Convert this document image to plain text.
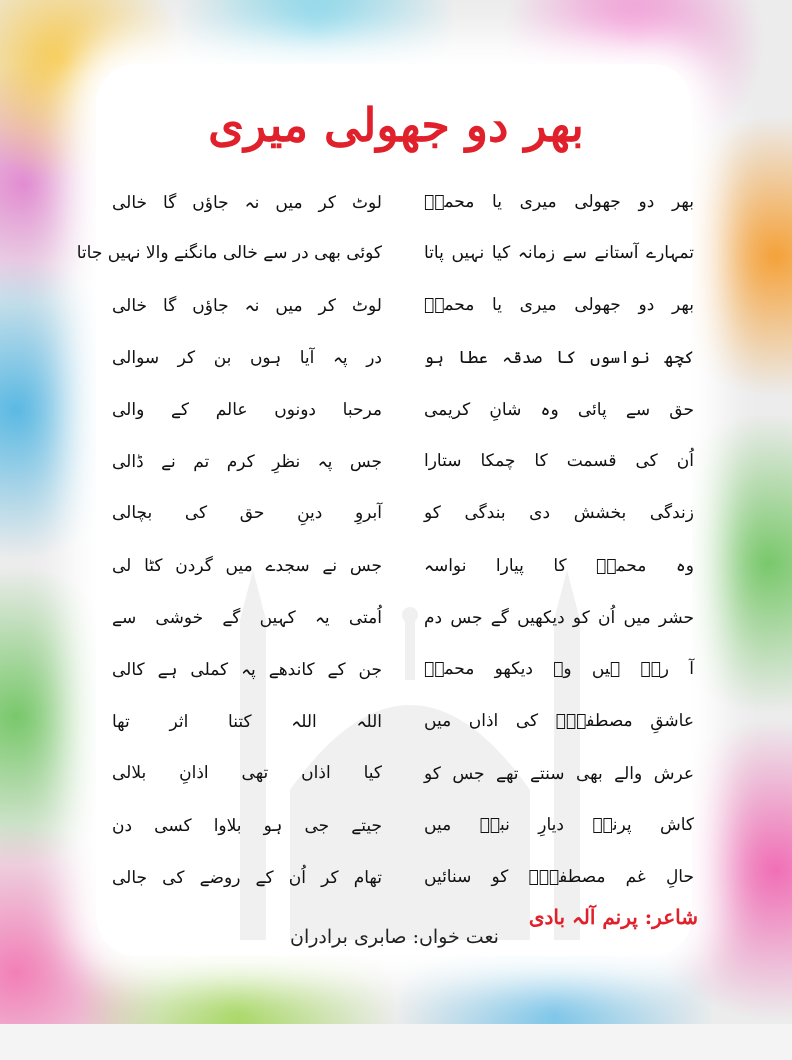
بھر دو جھولی میری
بھر دو جھولی میری یا محمدؐ
لوٹ کر میں نہ جاؤں گا خالی
تمہارے آستانے سے زمانہ کیا نہیں پاتا
کوئی بھی در سے خالی مانگنے والا نہیں جاتا
بھر دو جھولی میری یا محمدؐ
لوٹ کر میں نہ جاؤں گا خالی
کچھ نواسوں کا صدقہ عطا ہو
در پہ آیا ہوں بن کر سوالی
حق سے پائی وہ شانِ کریمی
مرحبا دونوں عالم کے والی
اُن کی قسمت کا چمکا ستارا
جس پہ نظرِ کرم تم نے ڈالی
زندگی بخشش دی بندگی کو
آبروِ دینِ حق کی بچالی
وہ محمدؐ کا پیارا نواسہ
جس نے سجدے میں گردن کٹا لی
حشر میں اُن کو دیکھیں گے جس دم
اُمتی یہ کہیں گے خوشی سے
آ رہے ہیں وہ دیکھو محمدؐ
جن کے کاندھے پہ کملی ہے کالی
عاشقِ مصطفیٰؐ کی اذاں میں
اللہ اللہ کتنا اثر تھا
عرش والے بھی سنتے تھے جس کو
کیا اذاں تھی اذانِ بلالی
کاش پرنمؔ دیارِ نبیؐ میں
جیتے جی ہو بلاوا کسی دن
حالِ غم مصطفیٰؐ کو سنائیں
تھام کر اُن کے روضے کی جالی
شاعر: پرنم آلہ بادی
نعت خواں: صابری برادران
